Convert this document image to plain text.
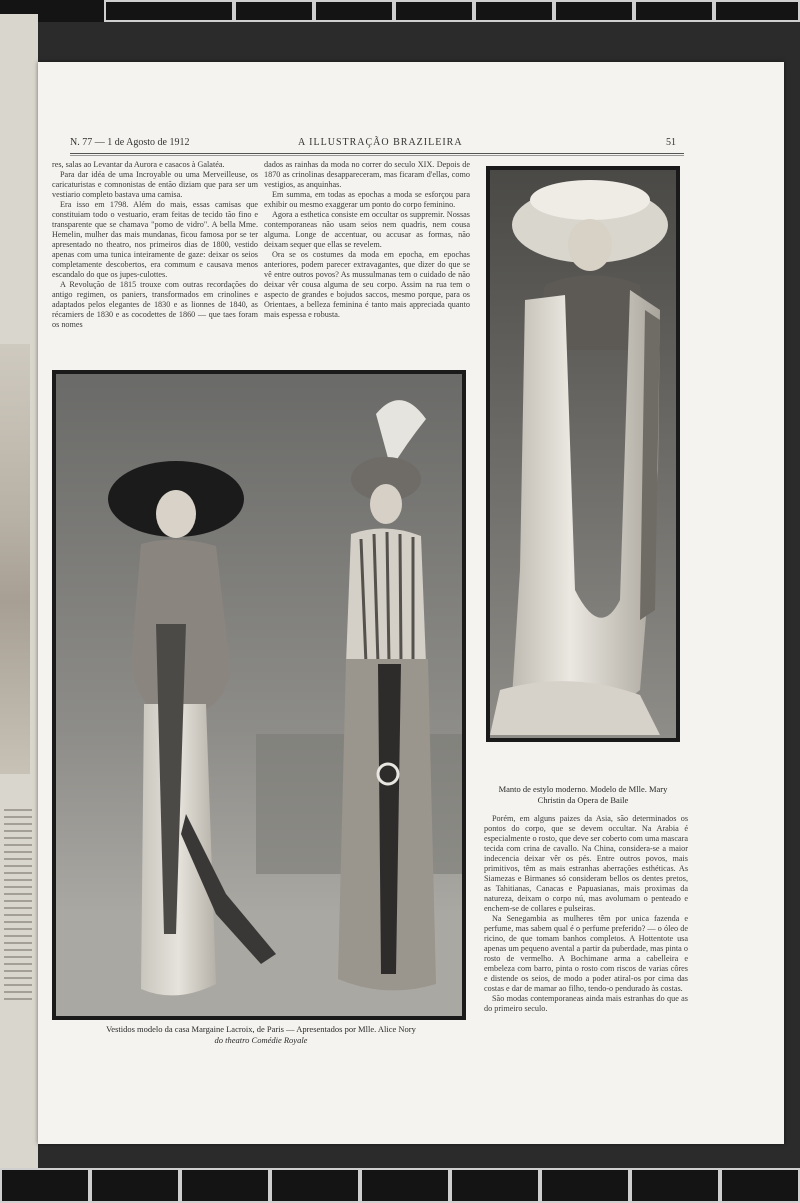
N. 77 — 1 de Agosto de 1912	A ILLUSTRAÇÃO BRAZILEIRA	51

res, salas ao Levantar da Aurora e casacos à Galatéa.

Para dar idéa de uma Incroyable ou uma Merveilleuse, os caricaturistas e comnonistas de então diziam que para ser um vestiario completo bastava uma camisa.

Era isso em 1798. Além do mais, essas camisas que constituiam todo o vestuario, eram feitas de tecido tão fino e transparente que se chamava "pomo de vidro". A bella Mme. Hemelin, mulher das mais mundanas, ficou famosa por se ter apresentado no theatro, nos primeiros dias de 1800, vestido apenas com uma tunica inteiramente de gaze: deixar os seios completamente descobertos, era commum e causava menos escandalo do que os jupes-culottes.

A Revolução de 1815 trouxe com outras recordações do antigo regimen, os paniers, transformados em crinolines e adaptados pelos elegantes de 1830 e as lionnes de 1840, as récamiers de 1830 e as cocodettes de 1860 — que taes foram os nomes

dados as rainhas da moda no correr do seculo XIX. Depois de 1870 as crinolinas desappareceram, mas ficaram d'ellas, como vestigios, as anquinhas.

Em summa, em todas as epochas a moda se esforçou para exhibir ou mesmo exaggerar um ponto do corpo feminino.

Agora a esthetica consiste em occultar os suppremir. Nossas contemporaneas não usam seios nem quadris, nem cousa alguma. Longe de accentuar, ou accusar as formas, não deixam sequer que ellas se revelem.

Ora se os costumes da moda em epocha, em epochas anteriores, podem parecer extravagantes, que dizer do que se vê entre outros povos? As mussulmanas tem o cuidado de não deixar vêr cousa alguma de seu corpo. Assim na rua tem o aspecto de grandes e bojudos saccos, mesmo porque, para os Orientaes, a belleza feminina é tanto mais appreciada quanto mais espessa e robusta.

Vestidos modelo da casa Margaine Lacroix, de Paris — Apresentados por Mlle. Alice Nory
do theatro Comédie Royale
Manto de estylo moderno. Modelo de Mlle. Mary
Christin da Opera de Baile

Porém, em alguns paizes da Asia, são determinados os pontos do corpo, que se devem occultar. Na Arabia é especialmente o rosto, que deve ser coberto com uma mascara tecida com crina de cavallo. Na China, considera-se a maior indecencia deixar vêr os pés. Entre outros povos, mais primitivos, têm as mais estranhas aberrações esthéticas. As Siamezas e Birmanes só consideram bellos os dentes pretos, as Tahitianas, Canacas e Papuasianas, mais proximas da natureza, deixam o corpo nú, mas avolumam o penteado e enchem-se de collares e pulseiras.

Na Senegambia as mulheres têm por unica fazenda e perfume, mas sabem qual é o perfume preferido? — o óleo de ricino, de que tomam banhos completos. A Hottentote usa apenas um pequeno avental a partir da puberdade, mas pinta o rosto de vermelho. A Bochimane arma a cabelleira e embeleza com barro, pinta o rosto com riscos de varias côres e distende os seios, de modo a poder atiral-os por cima das costas e dar de mamar ao filho, tendo-o pendurado às costas.

São modas contemporaneas ainda mais estranhas do que as do primeiro seculo.
